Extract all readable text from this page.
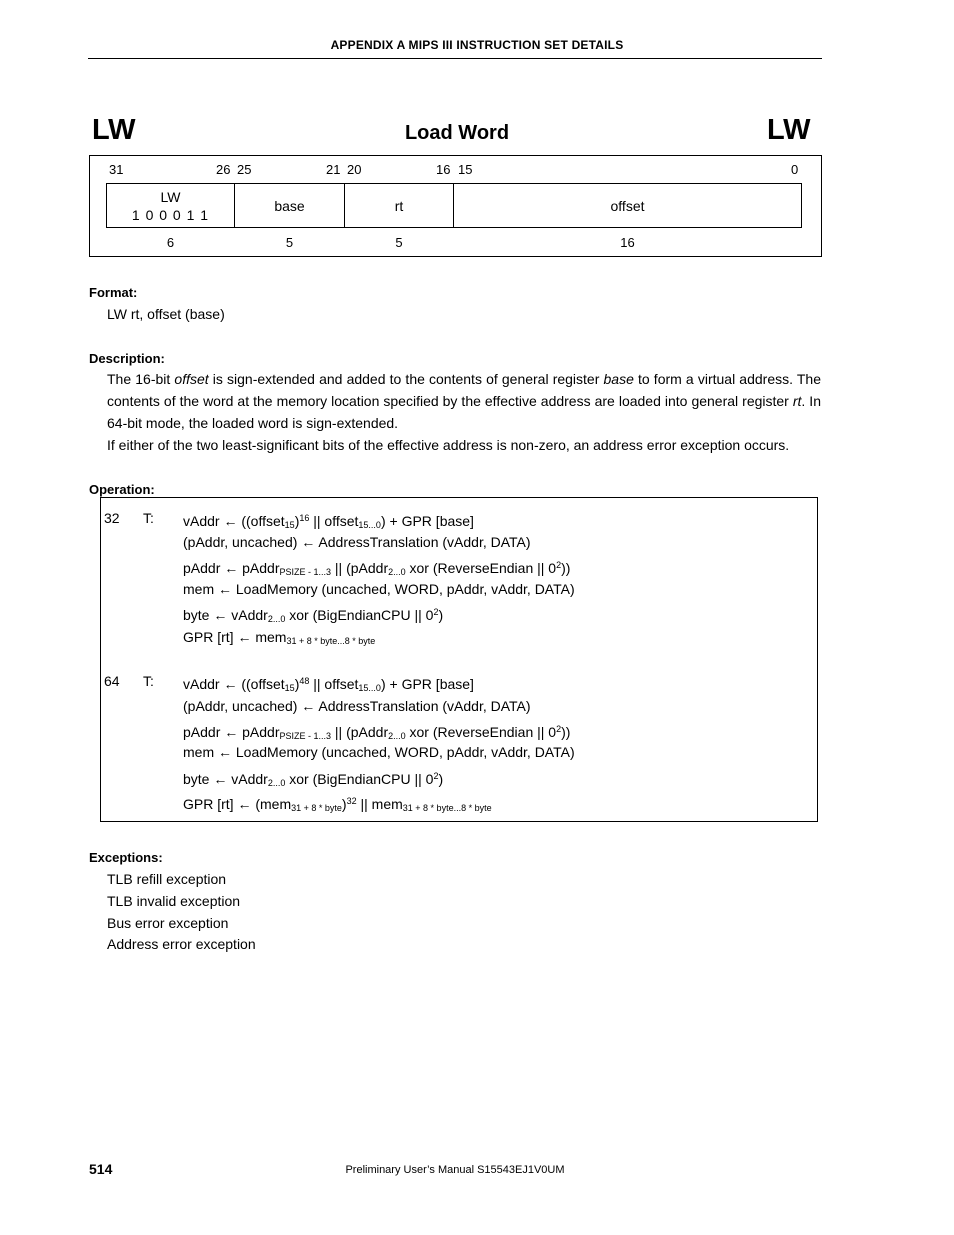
APPENDIX A MIPS III INSTRUCTION SET DETAILS
LW	Load Word	LW
31	26 25	21 20	16 15	0
LW
1 0 0 0 1 1
base	rt	offset
6	5	5	16
Format:
LW rt, offset (base)
Description:

The 16-bit offset is sign-extended and added to the contents of general register base to form a virtual address. The contents of the word at the memory location specified by the effective address are loaded into general register rt. In 64-bit mode, the loaded word is sign-extended.

If either of the two least-significant bits of the effective address is non-zero, an address error exception occurs.

Operation:
32 T: vAddr ← ((offset$_{15}$)$^{16}$ || offset$_{15...0}$) + GPR [base]
(pAddr, uncached) ← AddressTranslation (vAddr, DATA)
pAddr ← pAddr$_{PSIZE - 1...3}$ || (pAddr$_{2...0}$ xor (ReverseEndian || $0^2$))
mem ← LoadMemory (uncached, WORD, pAddr, vAddr, DATA)
byte ← vAddr$_{2...0}$ xor (BigEndianCPU || $0^2$)
GPR [rt] ← mem$_{31 + 8 * byte...8 * byte}$
64 T: vAddr ← ((offset$_{15}$)$^{48}$ || offset$_{15...0}$) + GPR [base]
(pAddr, uncached) ← AddressTranslation (vAddr, DATA)
pAddr ← pAddr$_{PSIZE - 1...3}$ || (pAddr$_{2...0}$ xor (ReverseEndian || $0^2$))
mem ← LoadMemory (uncached, WORD, pAddr, vAddr, DATA)
byte ← vAddr$_{2...0}$ xor (BigEndianCPU || $0^2$)
GPR [rt] ← $(mem_{31 + 8 * byte})^{32}$ || mem$_{31 + 8 * byte...8 * byte}$
Exceptions:
TLB refill exception
TLB invalid exception
Bus error exception
Address error exception
514	Preliminary User’s Manual S15543EJ1V0UM
